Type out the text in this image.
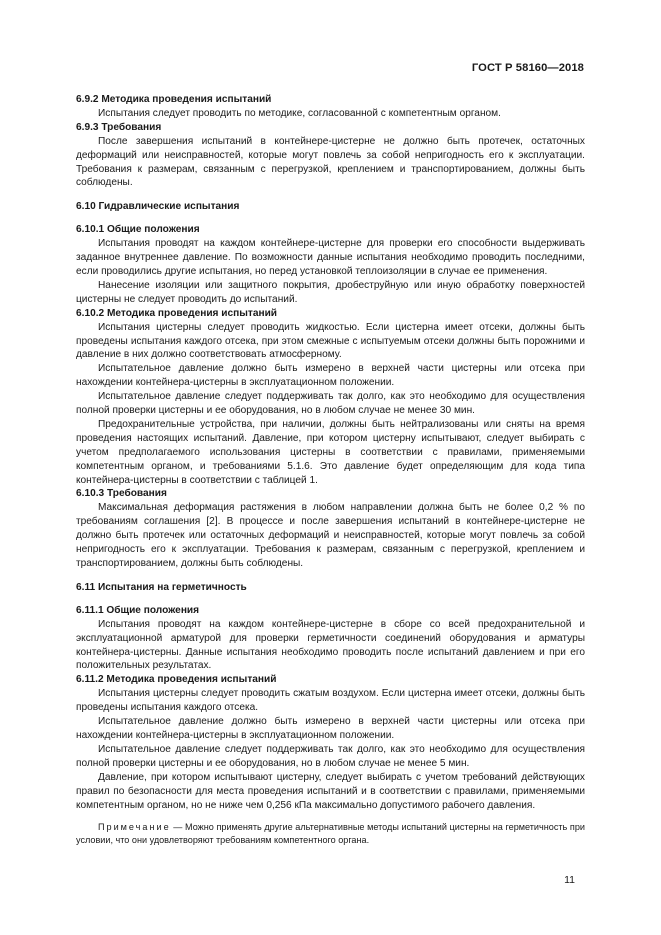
ГОСТ Р 58160—2018
6.9.2 Методика проведения испытаний

Испытания следует проводить по методике, согласованной с компетентным органом.

6.9.3 Требования

После завершения испытаний в контейнере-цистерне не должно быть протечек, остаточных деформаций или неисправностей, которые могут повлечь за собой непригодность его к эксплуатации. Требования к размерам, связанным с перегрузкой, креплением и транспортированием, должны быть соблюдены.

6.10 Гидравлические испытания
6.10.1 Общие положения

Испытания проводят на каждом контейнере-цистерне для проверки его способности выдерживать заданное внутреннее давление. По возможности данные испытания необходимо проводить последними, если проводились другие испытания, но перед установкой теплоизоляции в случае ее применения.

Нанесение изоляции или защитного покрытия, дробеструйную или иную обработку поверхностей цистерны не следует проводить до испытаний.

6.10.2 Методика проведения испытаний

Испытания цистерны следует проводить жидкостью. Если цистерна имеет отсеки, должны быть проведены испытания каждого отсека, при этом смежные с испытуемым отсеки должны быть порожними и давление в них должно соответствовать атмосферному.

Испытательное давление должно быть измерено в верхней части цистерны или отсека при нахождении контейнера-цистерны в эксплуатационном положении.

Испытательное давление следует поддерживать так долго, как это необходимо для осуществления полной проверки цистерны и ее оборудования, но в любом случае не менее 30 мин.

Предохранительные устройства, при наличии, должны быть нейтрализованы или сняты на время проведения настоящих испытаний. Давление, при котором цистерну испытывают, следует выбирать с учетом предполагаемого использования цистерны в соответствии с правилами, применяемыми компетентным органом, и требованиями 5.1.6. Это давление будет определяющим для кода типа контейнера-цистерны в соответствии с таблицей 1.

6.10.3 Требования

Максимальная деформация растяжения в любом направлении должна быть не более 0,2 % по требованиям соглашения [2]. В процессе и после завершения испытаний в контейнере-цистерне не должно быть протечек или остаточных деформаций и неисправностей, которые могут повлечь за собой непригодность его к эксплуатации. Требования к размерам, связанным с перегрузкой, креплением и транспортированием, должны быть соблюдены.

6.11 Испытания на герметичность
6.11.1 Общие положения

Испытания проводят на каждом контейнере-цистерне в сборе со всей предохранительной и эксплуатационной арматурой для проверки герметичности соединений оборудования и арматуры контейнера-цистерны. Данные испытания необходимо проводить после испытаний давлением и при его положительных результатах.

6.11.2 Методика проведения испытаний

Испытания цистерны следует проводить сжатым воздухом. Если цистерна имеет отсеки, должны быть проведены испытания каждого отсека.

Испытательное давление должно быть измерено в верхней части цистерны или отсека при нахождении контейнера-цистерны в эксплуатационном положении.

Испытательное давление следует поддерживать так долго, как это необходимо для осуществления полной проверки цистерны и ее оборудования, но в любом случае не менее 5 мин.

Давление, при котором испытывают цистерну, следует выбирать с учетом требований действующих правил по безопасности для места проведения испытаний и в соответствии с правилами, применяемыми компетентным органом, но не ниже чем 0,256 кПа максимально допустимого рабочего давления.

Примечание — Можно применять другие альтернативные методы испытаний цистерны на герметичность при условии, что они удовлетворяют требованиям компетентного органа.

11
